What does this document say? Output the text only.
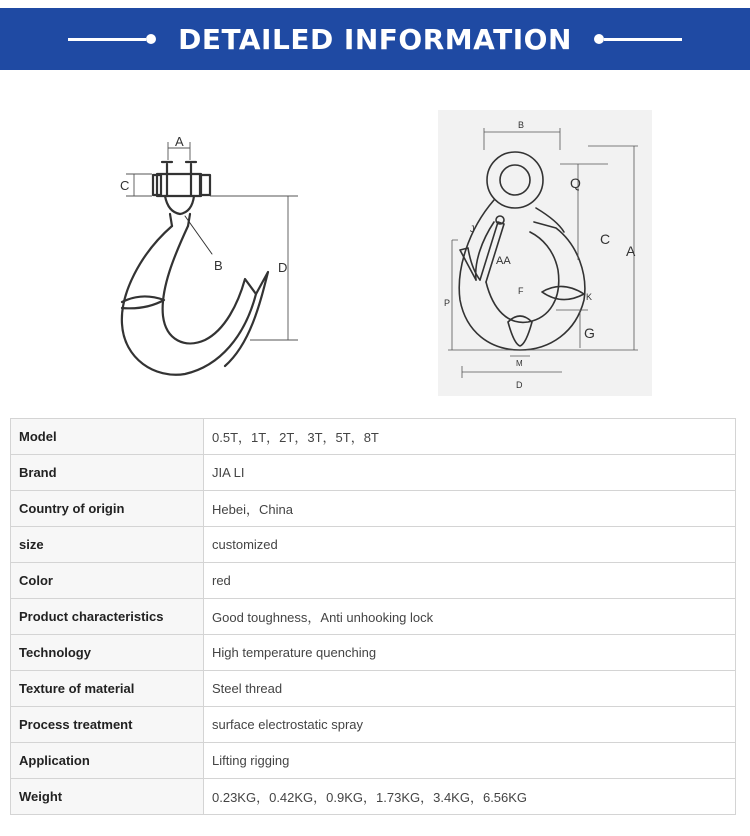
DETAILED INFORMATION
A
C
B	D
B
Q
C
A
J
AA
F
K
P
G
M
D
Model	0.5T，1T，2T，3T，5T，8T
Brand	JIA LI
Country of origin	Hebei，China
size	customized
Color	red
Product characteristics	Good toughness，Anti unhooking lock
Technology	High temperature quenching
Texture of material	Steel thread
Process treatment	surface electrostatic spray
Application	Lifting rigging
Weight	0.23KG，0.42KG，0.9KG，1.73KG，3.4KG，6.56KG
